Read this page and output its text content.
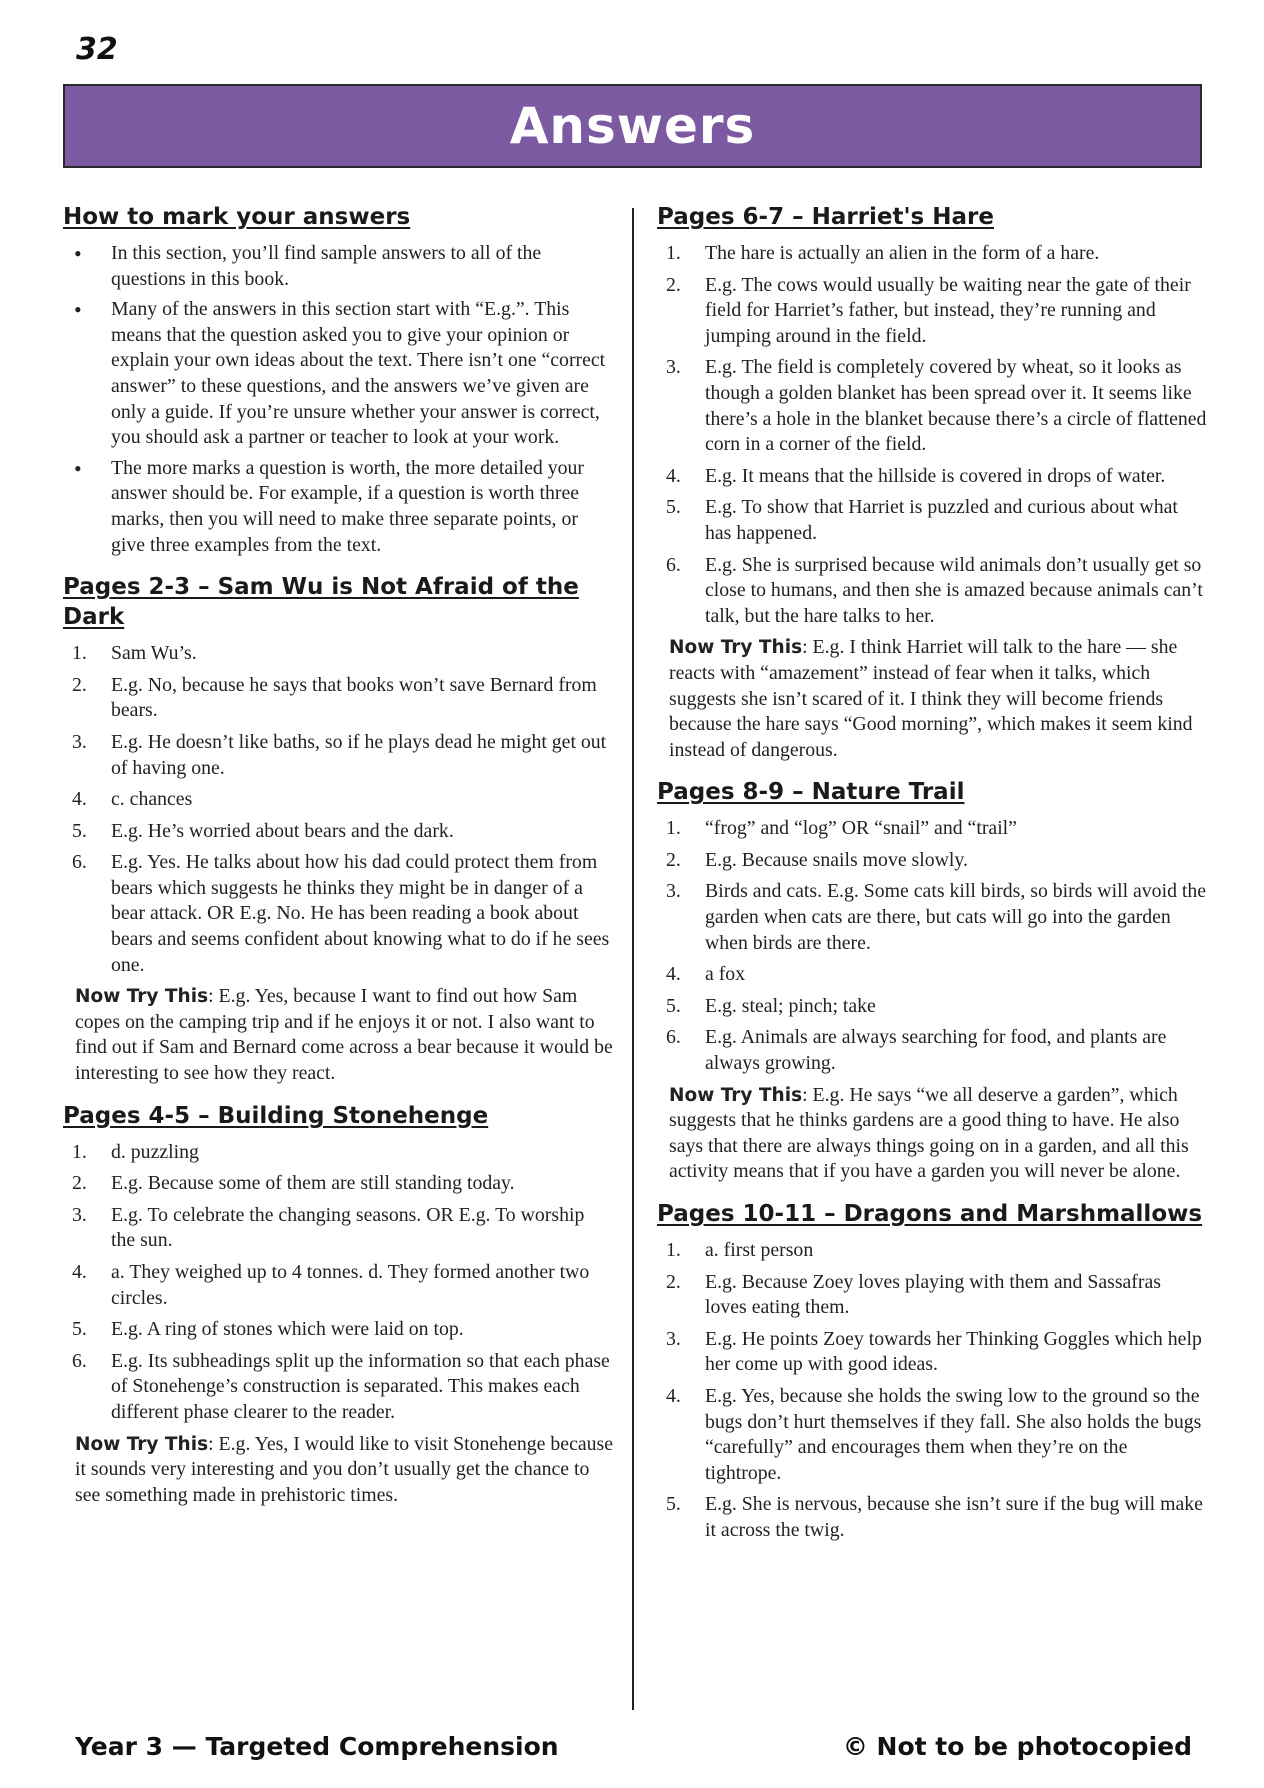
32
Answers
How to mark your answers
• In this section, you’ll find sample answers to all of the questions in this book.
• Many of the answers in this section start with “E.g.”. This means that the question asked you to give your opinion or explain your own ideas about the text. There isn’t one “correct answer” to these questions, and the answers we’ve given are only a guide. If you’re unsure whether your answer is correct, you should ask a partner or teacher to look at your work.
• The more marks a question is worth, the more detailed your answer should be. For example, if a question is worth three marks, then you will need to make three separate points, or give three examples from the text.
Pages 2-3 – Sam Wu is Not Afraid of the Dark
1. Sam Wu’s.
2. E.g. No, because he says that books won’t save Bernard from bears.
3. E.g. He doesn’t like baths, so if he plays dead he might get out of having one.
4. c. chances
5. E.g. He’s worried about bears and the dark.
6. E.g. Yes. He talks about how his dad could protect them from bears which suggests he thinks they might be in danger of a bear attack. OR E.g. No. He has been reading a book about bears and seems confident about knowing what to do if he sees one.
Now Try This: E.g. Yes, because I want to find out how Sam copes on the camping trip and if he enjoys it or not. I also want to find out if Sam and Bernard come across a bear because it would be interesting to see how they react.
Pages 4-5 – Building Stonehenge
1. d. puzzling
2. E.g. Because some of them are still standing today.
3. E.g. To celebrate the changing seasons. OR E.g. To worship the sun.
4. a. They weighed up to 4 tonnes. d. They formed another two circles.
5. E.g. A ring of stones which were laid on top.
6. E.g. Its subheadings split up the information so that each phase of Stonehenge’s construction is separated. This makes each different phase clearer to the reader.
Now Try This: E.g. Yes, I would like to visit Stonehenge because it sounds very interesting and you don’t usually get the chance to see something made in prehistoric times.
Pages 6-7 – Harriet's Hare
1. The hare is actually an alien in the form of a hare.
2. E.g. The cows would usually be waiting near the gate of their field for Harriet’s father, but instead, they’re running and jumping around in the field.
3. E.g. The field is completely covered by wheat, so it looks as though a golden blanket has been spread over it. It seems like there’s a hole in the blanket because there’s a circle of flattened corn in a corner of the field.
4. E.g. It means that the hillside is covered in drops of water.
5. E.g. To show that Harriet is puzzled and curious about what has happened.
6. E.g. She is surprised because wild animals don’t usually get so close to humans, and then she is amazed because animals can’t talk, but the hare talks to her.
Now Try This: E.g. I think Harriet will talk to the hare — she reacts with “amazement” instead of fear when it talks, which suggests she isn’t scared of it. I think they will become friends because the hare says “Good morning”, which makes it seem kind instead of dangerous.
Pages 8-9 – Nature Trail
1. “frog” and “log” OR “snail” and “trail”
2. E.g. Because snails move slowly.
3. Birds and cats. E.g. Some cats kill birds, so birds will avoid the garden when cats are there, but cats will go into the garden when birds are there.
4. a fox
5. E.g. steal; pinch; take
6. E.g. Animals are always searching for food, and plants are always growing.
Now Try This: E.g. He says “we all deserve a garden”, which suggests that he thinks gardens are a good thing to have. He also says that there are always things going on in a garden, and all this activity means that if you have a garden you will never be alone.
Pages 10-11 – Dragons and Marshmallows
1. a. first person
2. E.g. Because Zoey loves playing with them and Sassafras loves eating them.
3. E.g. He points Zoey towards her Thinking Goggles which help her come up with good ideas.
4. E.g. Yes, because she holds the swing low to the ground so the bugs don’t hurt themselves if they fall. She also holds the bugs “carefully” and encourages them when they’re on the tightrope.
5. E.g. She is nervous, because she isn’t sure if the bug will make it across the twig.
Year 3 — Targeted Comprehension	© Not to be photocopied
